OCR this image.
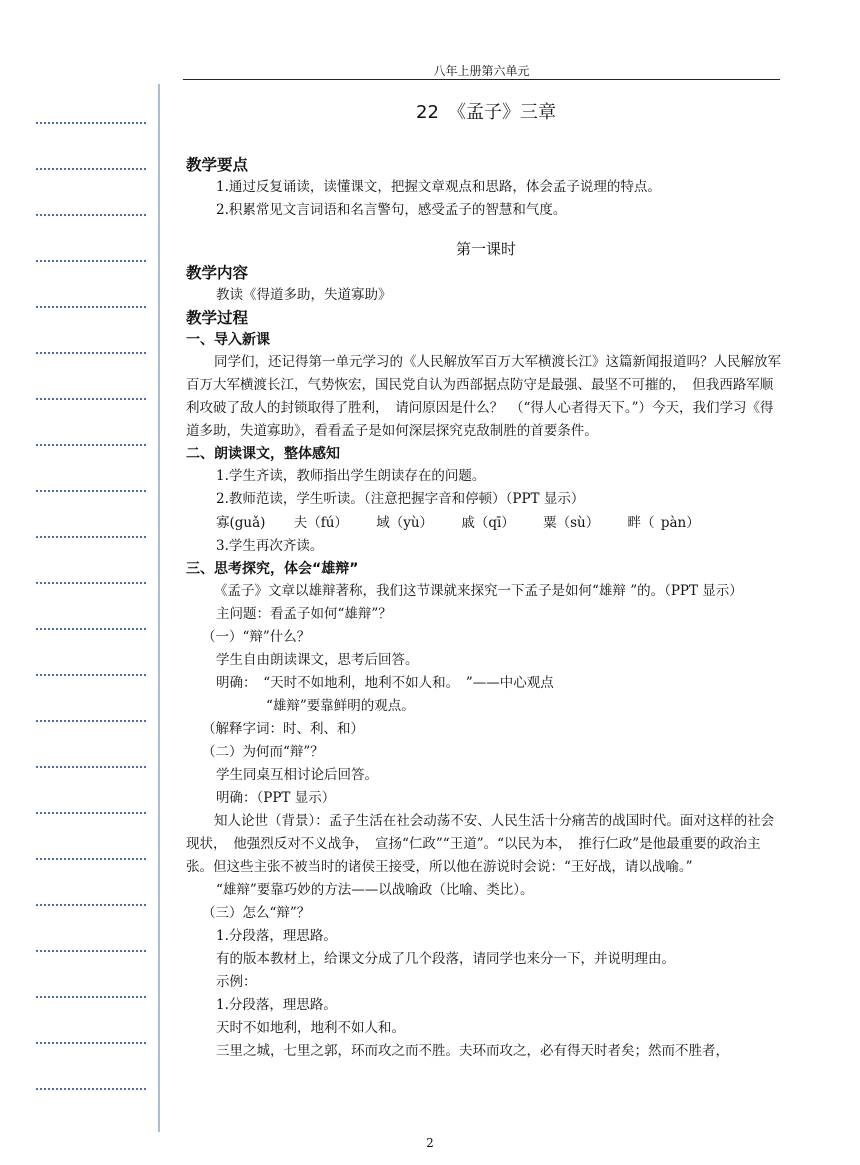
八年上册第六单元
22　《孟子》三章
教学要点

1.通过反复诵读，读懂课文，把握文章观点和思路，体会孟子说理的特点。

2.积累常见文言词语和名言警句，感受孟子的智慧和气度。

第一课时
教学内容

教读《得道多助，失道寡助》

教学过程
一、导入新课

同学们，还记得第一单元学习的《人民解放军百万大军横渡长江》这篇新闻报道吗？人民解放军百万大军横渡长江，气势恢宏，国民党自认为西部据点防守是最强、最坚不可摧的，　但我西路军顺利攻破了敌人的封锁取得了胜利，　请问原因是什么？　（“得人心者得天下。”）今天，我们学习《得道多助，失道寡助》，看看孟子是如何深层探究克敌制胜的首要条件。

二、朗读课文，整体感知

1.学生齐读，教师指出学生朗读存在的问题。

2.教师范读，学生听读。（注意把握字音和停顿）（PPT 显示）

寡(guǎ) 夫（fú） 域（yù） 戚（qī） 粟（sù） 畔（ pàn）

3.学生再次齐读。

三、思考探究，体会“雄辩”

《孟子》文章以雄辩著称，我们这节课就来探究一下孟子是如何“雄辩 ”的。（PPT 显示）

主问题：看孟子如何“雄辩”？

（一）“辩”什么？

学生自由朗读课文，思考后回答。

明确：　“天时不如地利，地利不如人和。　”——中心观点

“雄辩”要靠鲜明的观点。

（解释字词：时、利、和）

（二）为何而“辩”？

学生同桌互相讨论后回答。

明确：（PPT 显示）

知人论世（背景）：孟子生活在社会动荡不安、人民生活十分痛苦的战国时代。面对这样的社会现状，　他强烈反对不义战争，　宣扬“仁政”“王道”。“以民为本，　推行仁政”是他最重要的政治主张。但这些主张不被当时的诸侯王接受，所以他在游说时会说：“王好战，请以战喻。”

“雄辩”要靠巧妙的方法——以战喻政（比喻、类比）。

（三）怎么“辩”？

1.分段落，理思路。

有的版本教材上，给课文分成了几个段落，请同学也来分一下，并说明理由。

示例：

1.分段落，理思路。

天时不如地利，地利不如人和。

三里之城，七里之郭，环而攻之而不胜。夫环而攻之，必有得天时者矣；然而不胜者，

2
